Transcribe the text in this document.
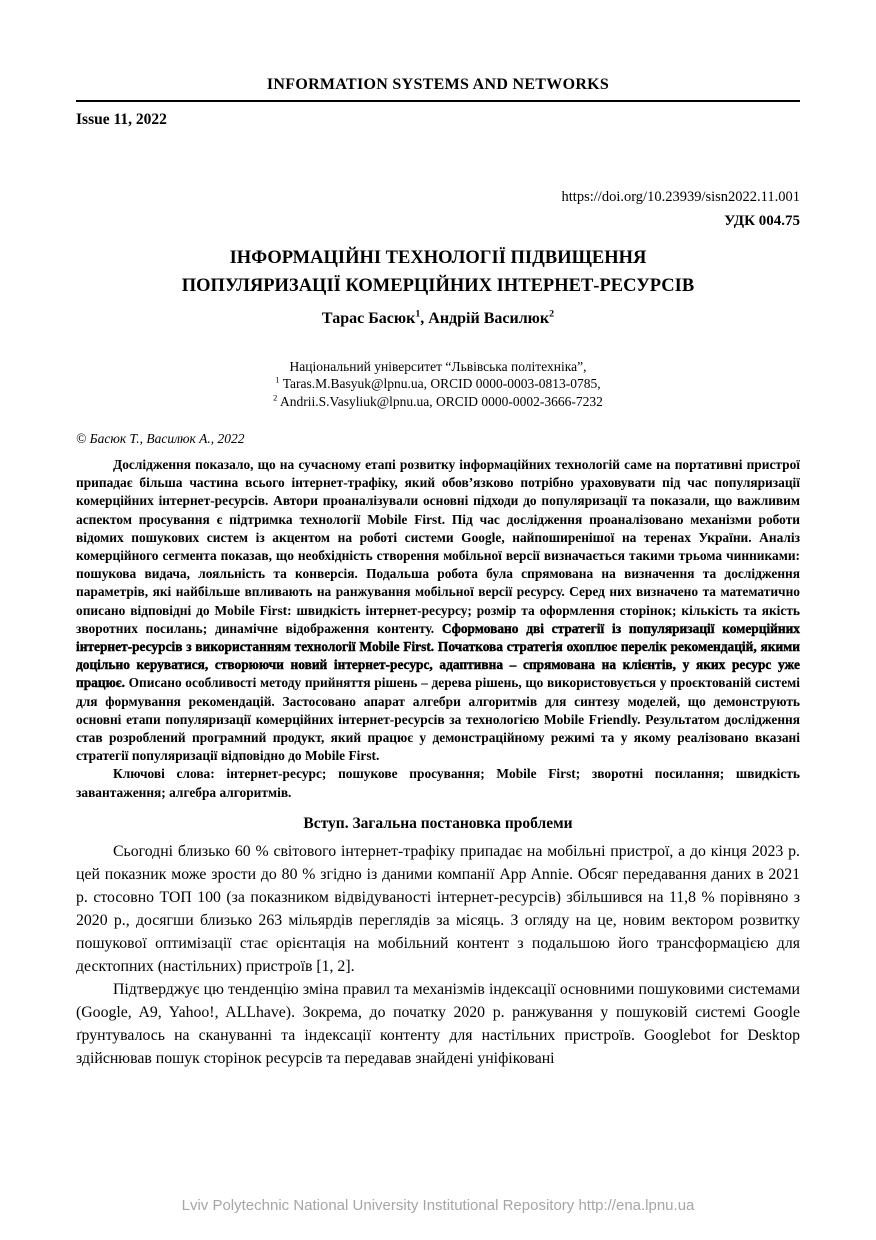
INFORMATION SYSTEMS AND NETWORKS
Issue 11, 2022
https://doi.org/10.23939/sisn2022.11.001
УДК 004.75
ІНФОРМАЦІЙНІ ТЕХНОЛОГІЇ ПІДВИЩЕННЯ
ПОПУЛЯРИЗАЦІЇ КОМЕРЦІЙНИХ ІНТЕРНЕТ-РЕСУРСІВ
Тарас Басюк$^1$, Андрій Василюк$^2$
Національний університет “Львівська політехніка”,
$^1$ Taras.M.Basyuk@lpnu.ua, ORCID 0000-0003-0813-0785,
$^2$ Andrii.S.Vasyliuk@lpnu.ua, ORCID 0000-0002-3666-7232
© Басюк Т., Василюк А., 2022

Дослідження показало, що на сучасному етапі розвитку інформаційних технологій саме на портативні пристрої припадає більша частина всього інтернет-трафіку, який обов’язково потрібно ураховувати під час популяризації комерційних інтернет-ресурсів. Автори проаналізували основні підходи до популяризації та показали, що важливим аспектом просування є підтримка технології Mobile First. Під час дослідження проаналізовано механізми роботи відомих пошукових систем із акцентом на роботі системи Google, найпоширенішої на теренах України. Аналіз комерційного сегмента показав, що необхідність створення мобільної версії визначається такими трьома чинниками: пошукова видача, лояльність та конверсія. Подальша робота була спрямована на визначення та дослідження параметрів, які найбільше впливають на ранжування мобільної версії ресурсу. Серед них визначено та математично описано відповідні до Mobile First: швидкість інтернет-ресурсу; розмір та оформлення сторінок; кількість та якість зворотних посилань; динамічне відображення контенту. Сформовано дві стратегії із популяризації комерційних інтернет-ресурсів з використанням технології Mobile First. Початкова стратегія охоплює перелік рекомендацій, якими доцільно керуватися, створюючи новий інтернет-ресурс, адаптивна – спрямована на клієнтів, у яких ресурс уже працює. Описано особливості методу прийняття рішень – дерева рішень, що використовується у проєктованій системі для формування рекомендацій. Застосовано апарат алгебри алгоритмів для синтезу моделей, що демонструють основні етапи популяризації комерційних інтернет-ресурсів за технологією Mobile Friendly. Результатом дослідження став розроблений програмний продукт, який працює у демонстраційному режимі та у якому реалізовано вказані стратегії популяризації відповідно до Mobile First.

Ключові слова: інтернет-ресурс; пошукове просування; Mobile First; зворотні посилання; швидкість завантаження; алгебра алгоритмів.

Вступ. Загальна постановка проблеми

Сьогодні близько 60 % світового інтернет-трафіку припадає на мобільні пристрої, а до кінця 2023 р. цей показник може зрости до 80 % згідно із даними компанії App Annie. Обсяг передавання даних в 2021 р. стосовно ТОП 100 (за показником відвідуваності інтернет-ресурсів) збільшився на 11,8 % порівняно з 2020 р., досягши близько 263 мільярдів переглядів за місяць. З огляду на це, новим вектором розвитку пошукової оптимізації стає орієнтація на мобільний контент з подальшою його трансформацією для десктопних (настільних) пристроїв [1, 2].

Підтверджує цю тенденцію зміна правил та механізмів індексації основними пошуковими системами (Google, A9, Yahoo!, ALLhave). Зокрема, до початку 2020 р. ранжування у пошуковій системі Google ґрунтувалось на скануванні та індексації контенту для настільних пристроїв. Googlebot for Desktop здійснював пошук сторінок ресурсів та передавав знайдені уніфіковані

Lviv Polytechnic National University Institutional Repository http://ena.lpnu.ua
